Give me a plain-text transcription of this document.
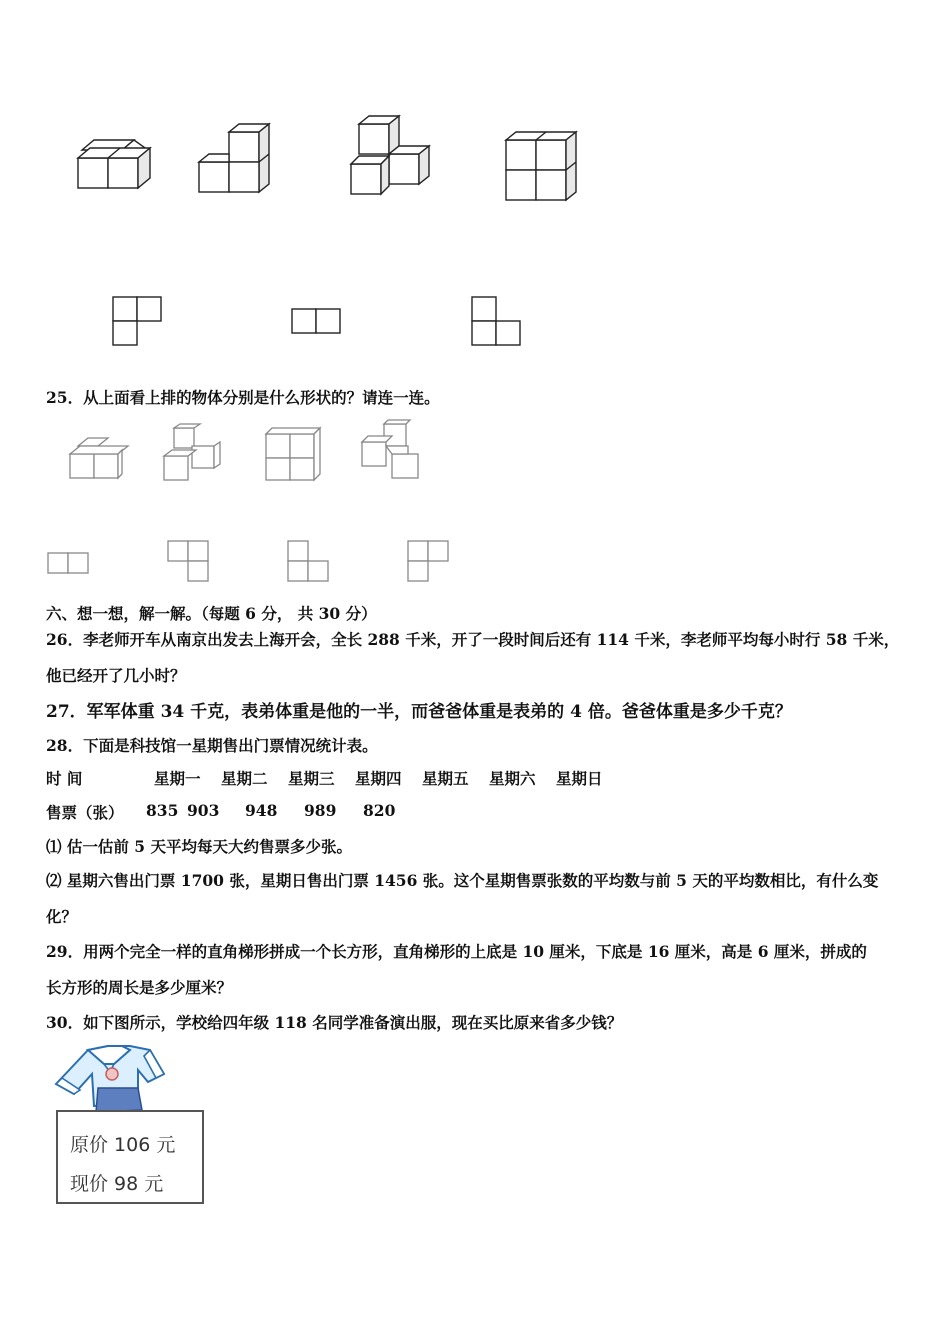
25．从上面看上排的物体分别是什么形状的？请连一连。
六、想一想，解一解。（每题 6 分， 共 30 分）
26．李老师开车从南京出发去上海开会，全长 288 千米，开了一段时间后还有 114 千米，李老师平均每小时行 58 千米，
他已经开了几小时？
27．军军体重 34 千克，表弟体重是他的一半，而爸爸体重是表弟的 4 倍。爸爸体重是多少千克？
28．下面是科技馆一星期售出门票情况统计表。
时 间	星期一 星期二 星期三 星期四 星期五 星期六 星期日
售票（张） 835 903 948 989 820
⑴ 估一估前 5 天平均每天大约售票多少张。
⑵ 星期六售出门票 1700 张，星期日售出门票 1456 张。这个星期售票张数的平均数与前 5 天的平均数相比，有什么变
化？
29．用两个完全一样的直角梯形拼成一个长方形，直角梯形的上底是 10 厘米，下底是 16 厘米，高是 6 厘米，拼成的
长方形的周长是多少厘米？
30．如下图所示，学校给四年级 118 名同学准备演出服，现在买比原来省多少钱？
原价 106 元
现价 98 元
